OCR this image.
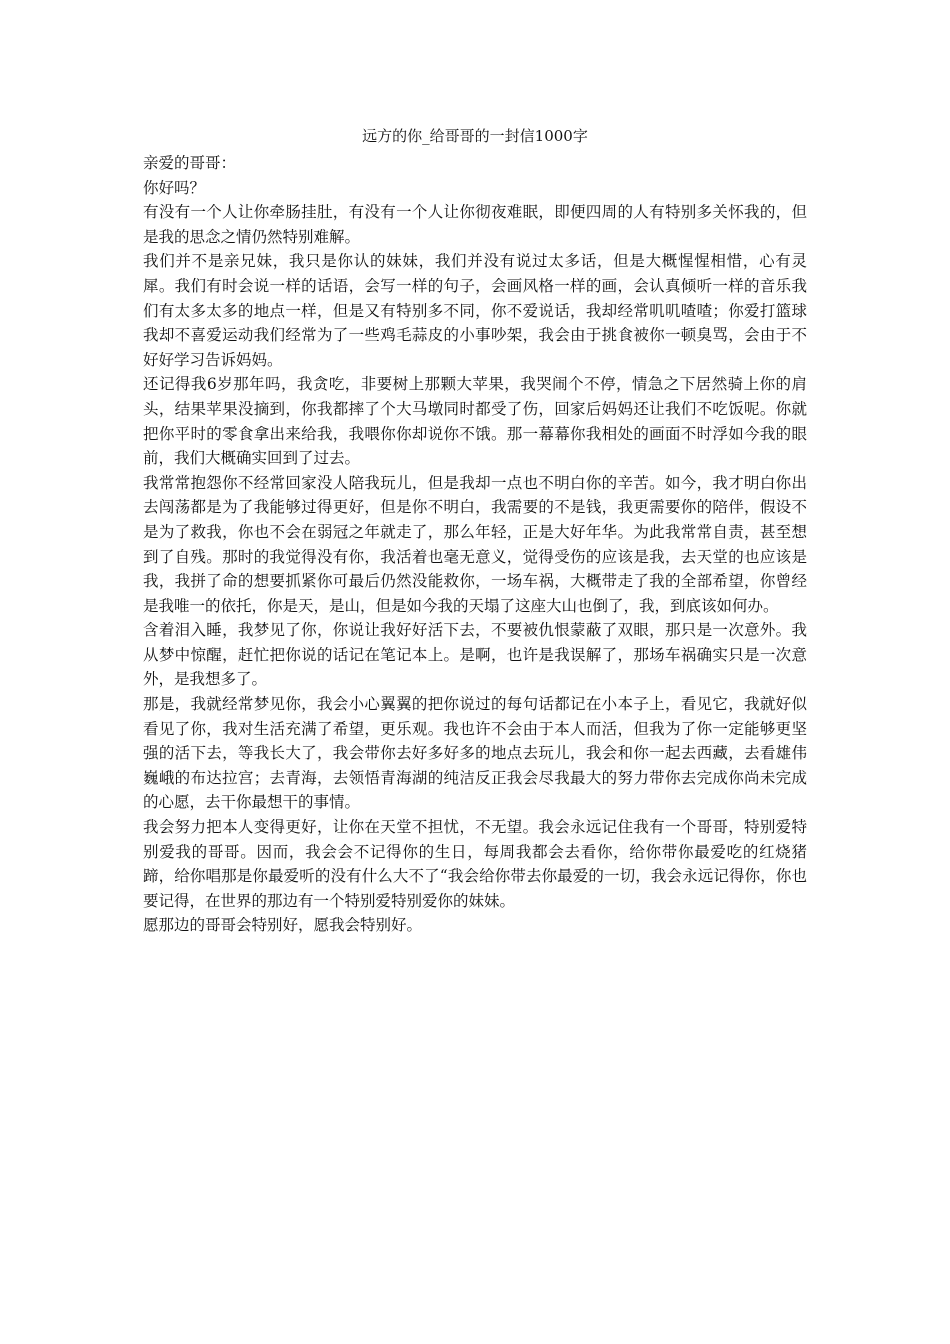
远方的你_给哥哥的一封信1000字

亲爱的哥哥：

你好吗？

有没有一个人让你牵肠挂肚，有没有一个人让你彻夜难眠，即便四周的人有特别多关怀我的，但是我的思念之情仍然特别难解。

我们并不是亲兄妹，我只是你认的妹妹，我们并没有说过太多话，但是大概惺惺相惜，心有灵犀。我们有时会说一样的话语，会写一样的句子，会画风格一样的画，会认真倾听一样的音乐我们有太多太多的地点一样，但是又有特别多不同，你不爱说话，我却经常叽叽喳喳；你爱打篮球我却不喜爱运动我们经常为了一些鸡毛蒜皮的小事吵架，我会由于挑食被你一顿臭骂，会由于不好好学习告诉妈妈。

还记得我6岁那年吗，我贪吃，非要树上那颗大苹果，我哭闹个不停，情急之下居然骑上你的肩头，结果苹果没摘到，你我都摔了个大马墩同时都受了伤，回家后妈妈还让我们不吃饭呢。你就把你平时的零食拿出来给我，我喂你你却说你不饿。那一幕幕你我相处的画面不时浮如今我的眼前，我们大概确实回到了过去。

我常常抱怨你不经常回家没人陪我玩儿，但是我却一点也不明白你的辛苦。如今，我才明白你出去闯荡都是为了我能够过得更好，但是你不明白，我需要的不是钱，我更需要你的陪伴，假设不是为了救我，你也不会在弱冠之年就走了，那么年轻，正是大好年华。为此我常常自责，甚至想到了自残。那时的我觉得没有你，我活着也毫无意义，觉得受伤的应该是我，去天堂的也应该是我，我拼了命的想要抓紧你可最后仍然没能救你，一场车祸，大概带走了我的全部希望，你曾经是我唯一的依托，你是天，是山，但是如今我的天塌了这座大山也倒了，我，到底该如何办。

含着泪入睡，我梦见了你，你说让我好好活下去，不要被仇恨蒙蔽了双眼，那只是一次意外。我从梦中惊醒，赶忙把你说的话记在笔记本上。是啊，也许是我误解了，那场车祸确实只是一次意外，是我想多了。

那是，我就经常梦见你，我会小心翼翼的把你说过的每句话都记在小本子上，看见它，我就好似看见了你，我对生活充满了希望，更乐观。我也许不会由于本人而活，但我为了你一定能够更坚强的活下去，等我长大了，我会带你去好多好多的地点去玩儿，我会和你一起去西藏，去看雄伟巍峨的布达拉宫；去青海，去领悟青海湖的纯洁反正我会尽我最大的努力带你去完成你尚未完成的心愿，去干你最想干的事情。

我会努力把本人变得更好，让你在天堂不担忧，不无望。我会永远记住我有一个哥哥，特别爱特别爱我的哥哥。因而，我会会不记得你的生日，每周我都会去看你，给你带你最爱吃的红烧猪蹄，给你唱那是你最爱听的没有什么大不了“我会给你带去你最爱的一切，我会永远记得你，你也要记得，在世界的那边有一个特别爱特别爱你的妹妹。

愿那边的哥哥会特别好，愿我会特别好。
